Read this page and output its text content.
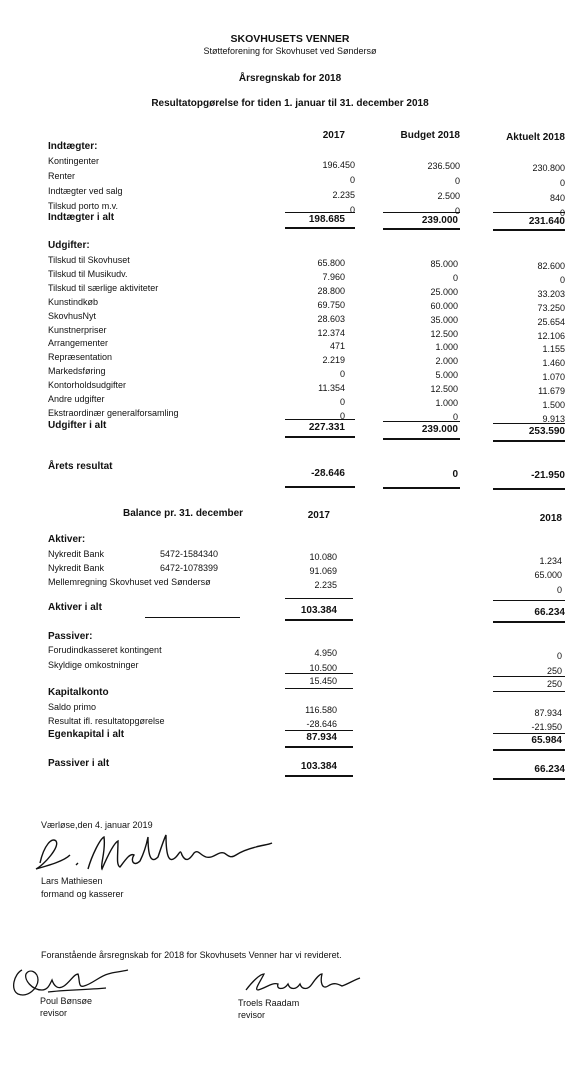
SKOVHUSETS VENNER
Støtteforening for Skovhuset ved Søndersø
Årsregnskab for 2018
Resultatopgørelse for tiden 1. januar til 31. december 2018
2017	Budget 2018	Aktuelt 2018
Indtægter:
Kontingenter	196.450	236.500	230.800
Renter	0	0	0
Indtægter ved salg	2.235	2.500	840
Tilskud porto m.v.	0	0	0
Indtægter i alt	198.685	239.000	231.640
Udgifter:
Tilskud til Skovhuset	65.800	85.000	82.600
Tilskud til Musikudv.	7.960	0	0
Tilskud til særlige aktiviteter	28.800	25.000	33.203
Kunstindkøb	69.750	60.000	73.250
SkovhusNyt	28.603	35.000	25.654
Kunstnerpriser	12.374	12.500	12.106
Arrangementer	471	1.000	1.155
Repræsentation	2.219	2.000	1.460
Markedsføring	0	5.000	1.070
Kontorholdsudgifter	11.354	12.500	11.679
Andre udgifter	0	1.000	1.500
Ekstraordinær generalforsamling	0	0	9.913
Udgifter i alt	227.331	239.000	253.590
Årets resultat
-28.646	0	-21.950
Balance pr. 31. december	2017	2018
Aktiver:
Nykredit Bank	5472-1584340	10.080	1.234
Nykredit Bank	6472-1078399	91.069	65.000
Mellemregning Skovhuset ved Søndersø	2.235	0
Aktiver i alt	103.384	66.234
Passiver:
Forudindkasseret kontingent	4.950	0
Skyldige omkostninger	10.500	250
15.450	250
Kapitalkonto
Saldo primo	116.580	87.934
Resultat ifl. resultatopgørelse	-28.646	-21.950
Egenkapital i alt	87.934	65.984
Passiver i alt	103.384	66.234
Værløse,den 4. januar 2019
Lars Mathiesen
formand og kasserer
Foranstående årsregnskab for 2018 for Skovhusets Venner har vi revideret.
Poul Bønsøe
revisor
Troels Raadam
revisor
